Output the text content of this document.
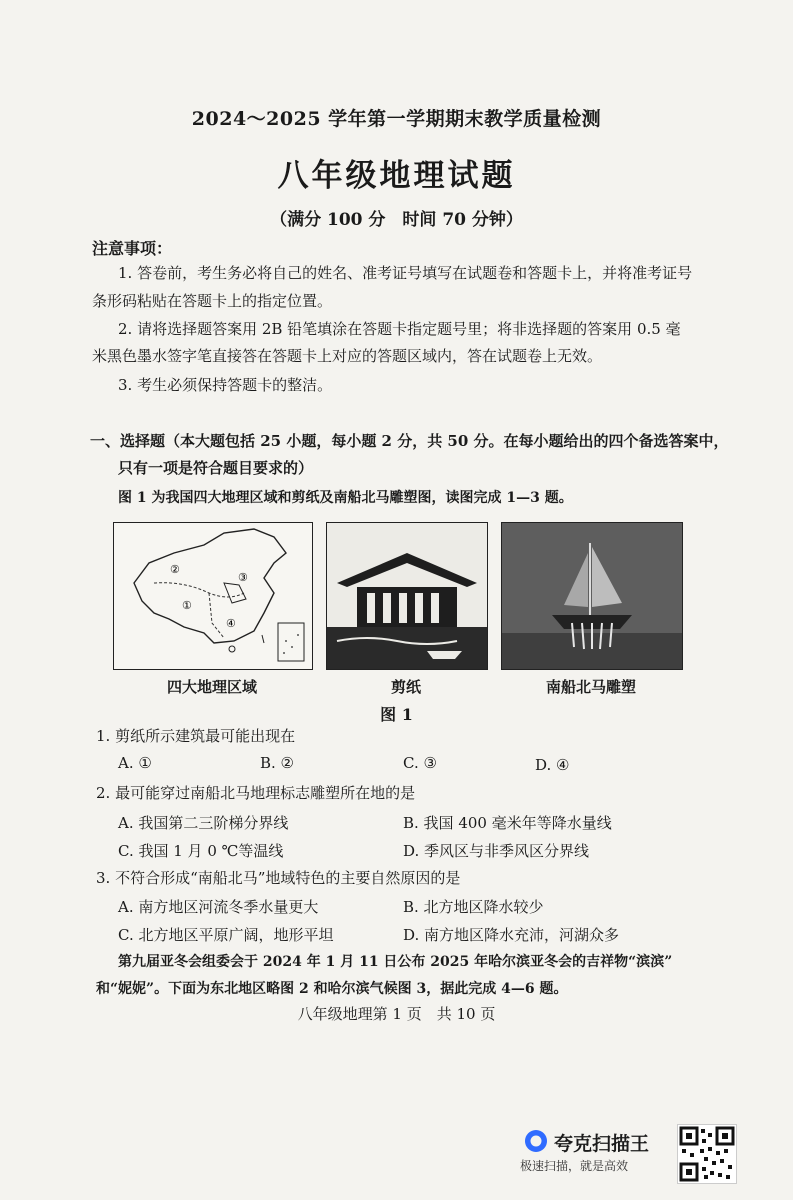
2024～2025 学年第一学期期末教学质量检测
八年级地理试题
（满分 100 分　时间 70 分钟）
注意事项：
1. 答卷前，考生务必将自己的姓名、准考证号填写在试题卷和答题卡上，并将准考证号
条形码粘贴在答题卡上的指定位置。
2. 请将选择题答案用 2B 铅笔填涂在答题卡指定题号里；将非选择题的答案用 0.5 毫
米黑色墨水签字笔直接答在答题卡上对应的答题区域内，答在试题卷上无效。
3. 考生必须保持答题卡的整洁。
一、选择题（本大题包括 25 小题，每小题 2 分，共 50 分。在每小题给出的四个备选答案中，
只有一项是符合题目要求的）
图 1 为我国四大地理区域和剪纸及南船北马雕塑图，读图完成 1—3 题。
①
②
③
④
四大地理区域	剪纸	南船北马雕塑
图 1
1. 剪纸所示建筑最可能出现在
A. ①	B. ②	C. ③	D. ④
2. 最可能穿过南船北马地理标志雕塑所在地的是
A. 我国第二三阶梯分界线	B. 我国 400 毫米年等降水量线
C. 我国 1 月 0 ℃等温线	D. 季风区与非季风区分界线
3. 不符合形成“南船北马”地域特色的主要自然原因的是
A. 南方地区河流冬季水量更大	B. 北方地区降水较少
C. 北方地区平原广阔，地形平坦	D. 南方地区降水充沛，河湖众多
第九届亚冬会组委会于 2024 年 1 月 11 日公布 2025 年哈尔滨亚冬会的吉祥物“滨滨”
和“妮妮”。下面为东北地区略图 2 和哈尔滨气候图 3，据此完成 4—6 题。
八年级地理第 1 页　共 10 页
夸克扫描王
极速扫描，就是高效
